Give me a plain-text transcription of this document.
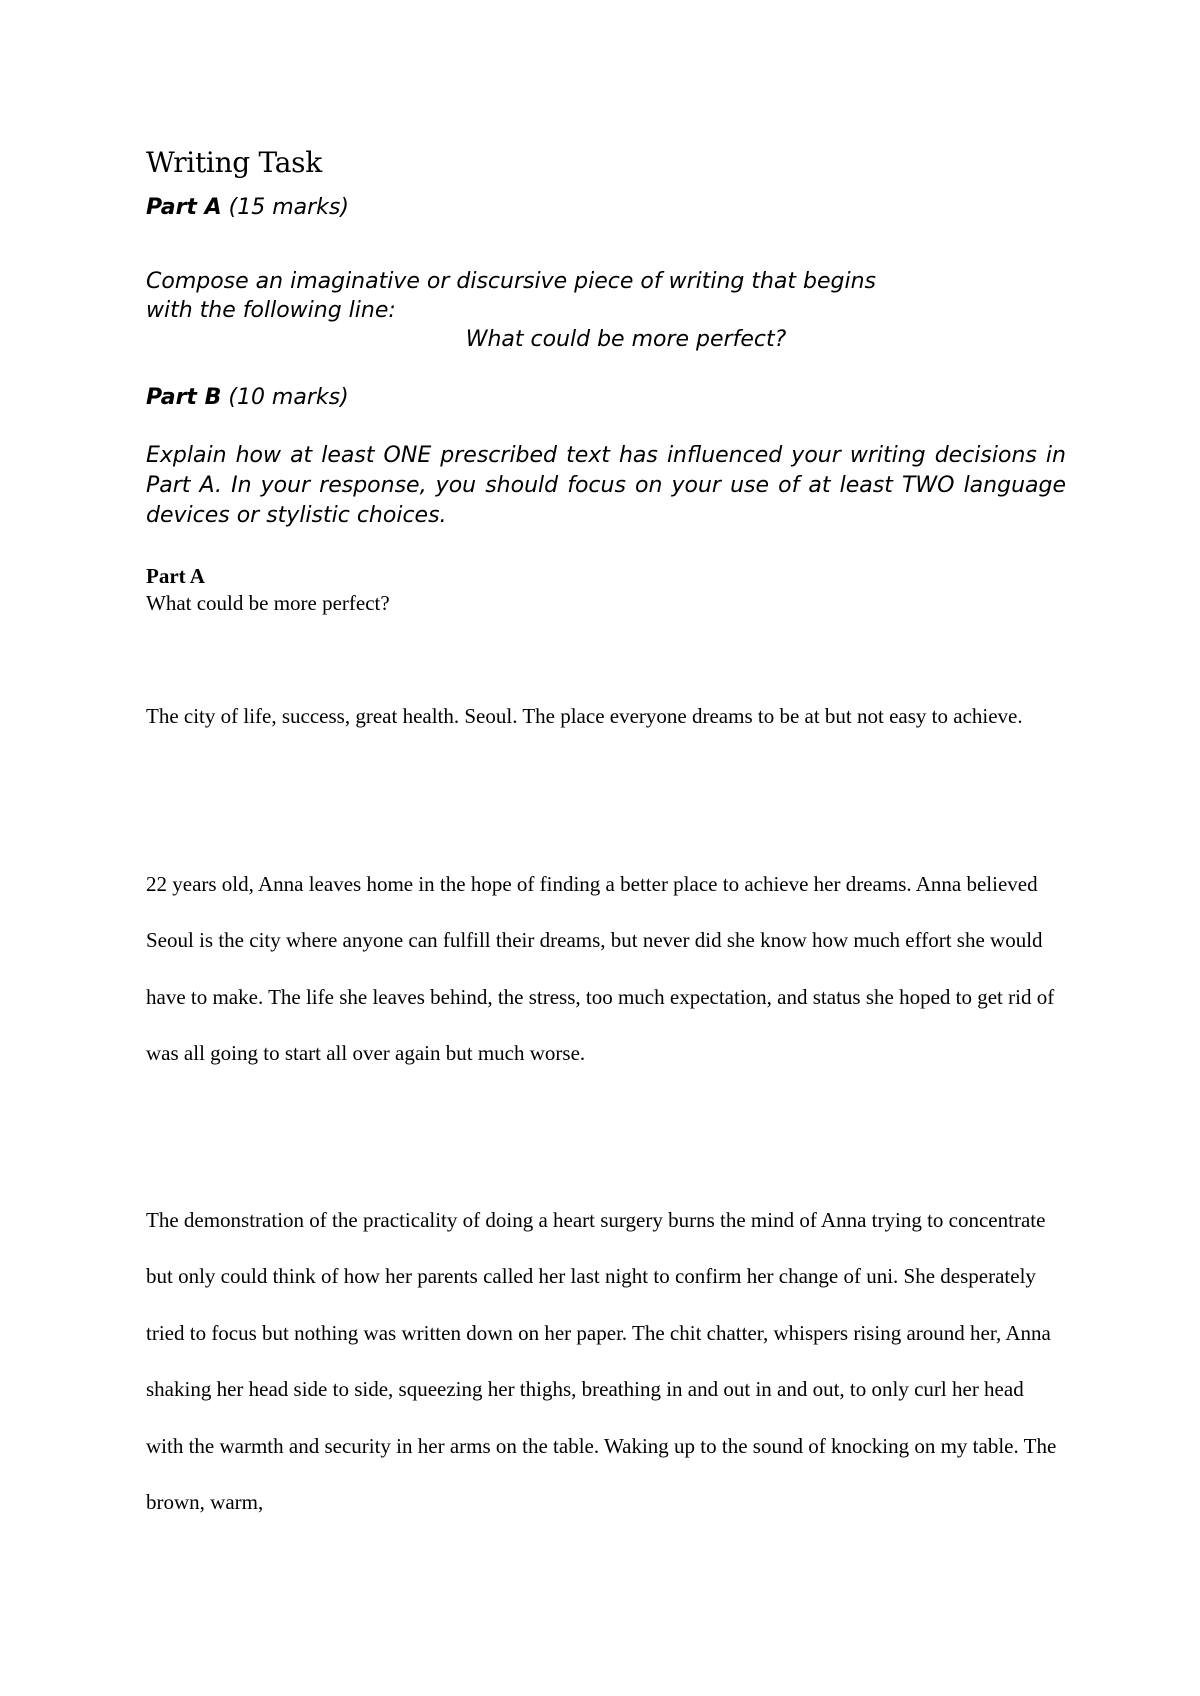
Writing Task

Part A (15 marks)

Compose an imaginative or discursive piece of writing that begins
with the following line:
What could be more perfect?

Part B (10 marks)

Explain how at least ONE prescribed text has influenced your writing decisions in Part A. In your response, you should focus on your use of at least TWO language devices or stylistic choices.

Part A

What could be more perfect?

The city of life, success, great health. Seoul. The place everyone dreams to be at but not easy to achieve.

22 years old, Anna leaves home in the hope of finding a better place to achieve her dreams. Anna believed Seoul is the city where anyone can fulfill their dreams, but never did she know how much effort she would have to make. The life she leaves behind, the stress, too much expectation, and status she hoped to get rid of was all going to start all over again but much worse.

The demonstration of the practicality of doing a heart surgery burns the mind of Anna trying to concentrate but only could think of how her parents called her last night to confirm her change of uni. She desperately tried to focus but nothing was written down on her paper. The chit chatter, whispers rising around her, Anna shaking her head side to side, squeezing her thighs, breathing in and out in and out, to only curl her head with the warmth and security in her arms on the table. Waking up to the sound of knocking on my table. The brown, warm,
